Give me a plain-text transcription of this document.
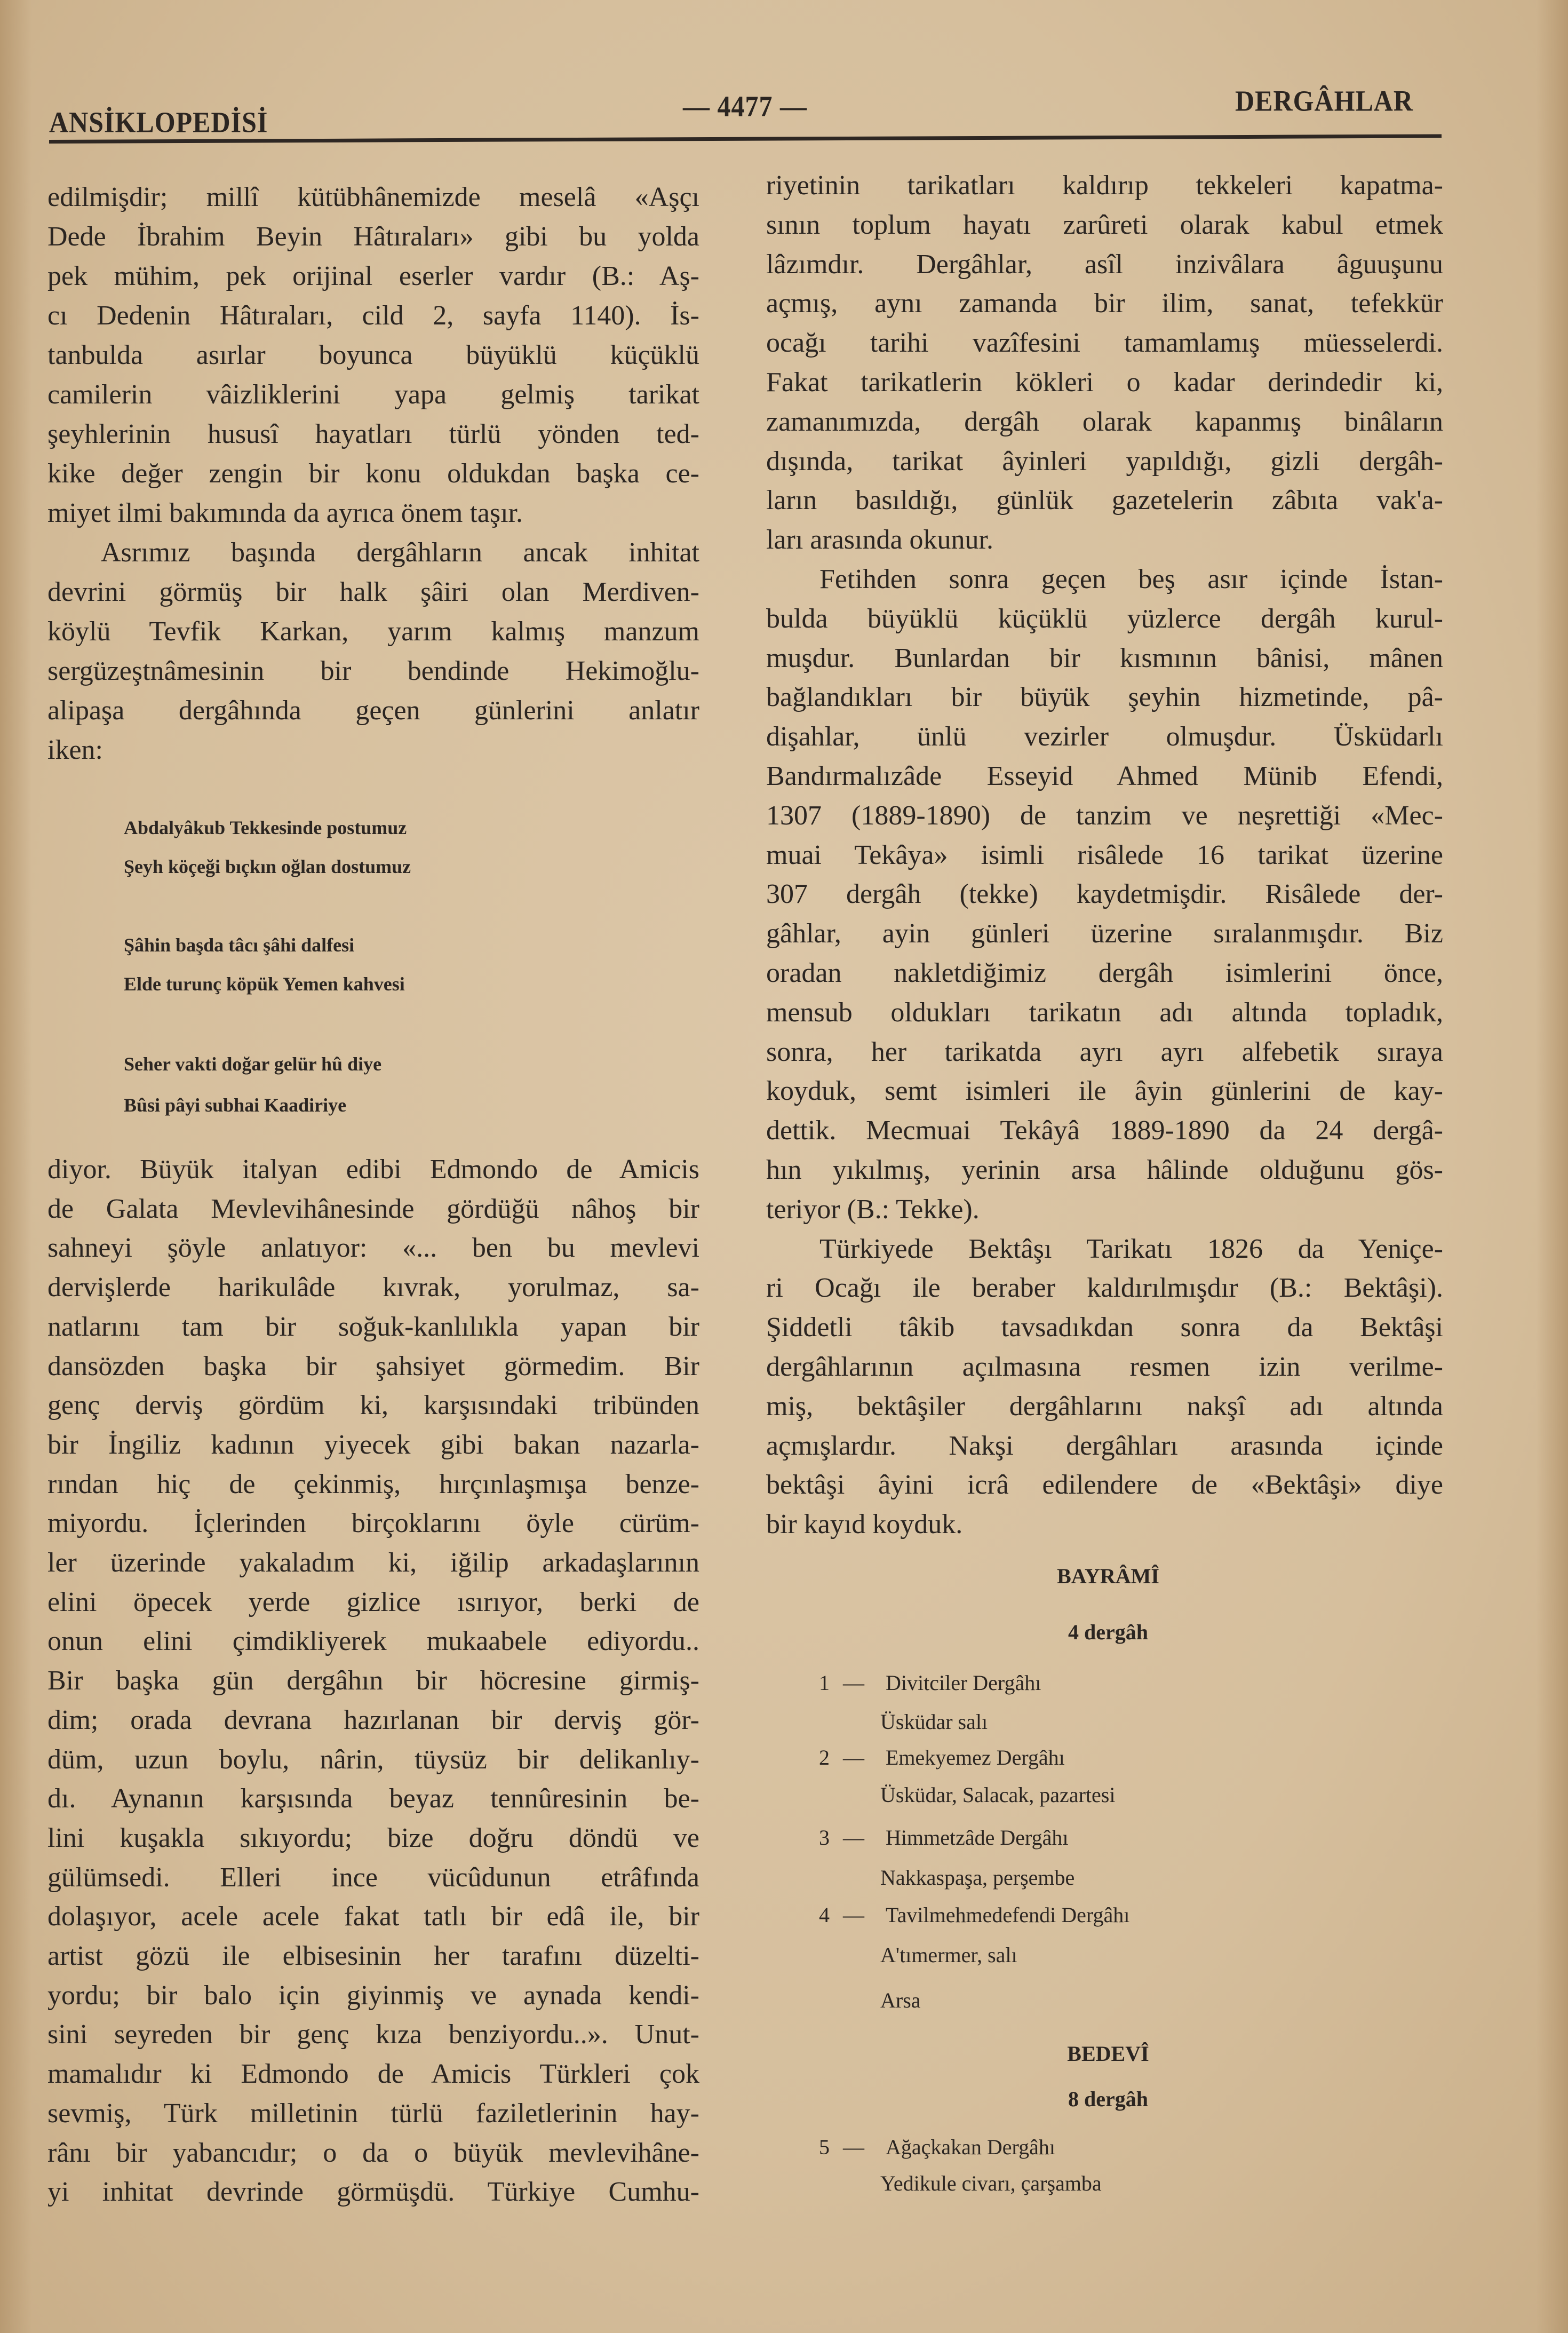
ANSİKLOPEDİSİ	— 4477 —	DERGÂHLAR
edilmişdir; millî kütübhânemizde meselâ «Aşçı
Dede İbrahim Beyin Hâtıraları» gibi bu yolda
pek mühim, pek orijinal eserler vardır (B.: Aş-
cı Dedenin Hâtıraları, cild 2, sayfa 1140). İs-
tanbulda asırlar boyunca büyüklü küçüklü
camilerin vâizliklerini yapa gelmiş tarikat
şeyhlerinin hususî hayatları türlü yönden ted-
kike değer zengin bir konu oldukdan başka ce-
miyet ilmi bakımında da ayrıca önem taşır.
Asrımız başında dergâhların ancak inhitat
devrini görmüş bir halk şâiri olan Merdiven-
köylü Tevfik Karkan, yarım kalmış manzum
sergüzeştnâmesinin bir bendinde Hekimoğlu-
alipaşa dergâhında geçen günlerini anlatır
iken:
Abdalyâkub Tekkesinde postumuz
Şeyh köçeği bıçkın oğlan dostumuz
Şâhin başda tâcı şâhi dalfesi
Elde turunç köpük Yemen kahvesi
Seher vakti doğar gelür hû diye
Bûsi pâyi subhai Kaadiriye
diyor. Büyük italyan edibi Edmondo de Amicis
de Galata Mevlevihânesinde gördüğü nâhoş bir
sahneyi şöyle anlatıyor: «... ben bu mevlevi
dervişlerde harikulâde kıvrak, yorulmaz, sa-
natlarını tam bir soğuk-kanlılıkla yapan bir
dansözden başka bir şahsiyet görmedim. Bir
genç derviş gördüm ki, karşısındaki tribünden
bir İngiliz kadının yiyecek gibi bakan nazarla-
rından hiç de çekinmiş, hırçınlaşmışa benze-
miyordu. İçlerinden birçoklarını öyle cürüm-
ler üzerinde yakaladım ki, iğilip arkadaşlarının
elini öpecek yerde gizlice ısırıyor, berki de
onun elini çimdikliyerek mukaabele ediyordu..
Bir başka gün dergâhın bir höcresine girmiş-
dim; orada devrana hazırlanan bir derviş gör-
düm, uzun boylu, nârin, tüysüz bir delikanlıy-
dı. Aynanın karşısında beyaz tennûresinin be-
lini kuşakla sıkıyordu; bize doğru döndü ve
gülümsedi. Elleri ince vücûdunun etrâfında
dolaşıyor, acele acele fakat tatlı bir edâ ile, bir
artist gözü ile elbisesinin her tarafını düzelti-
yordu; bir balo için giyinmiş ve aynada kendi-
sini seyreden bir genç kıza benziyordu..». Unut-
mamalıdır ki Edmondo de Amicis Türkleri çok
sevmiş, Türk milletinin türlü faziletlerinin hay-
rânı bir yabancıdır; o da o büyük mevlevihâne-
yi inhitat devrinde görmüşdü. Türkiye Cumhu-
riyetinin tarikatları kaldırıp tekkeleri kapatma-
sının toplum hayatı zarûreti olarak kabul etmek
lâzımdır. Dergâhlar, asîl inzivâlara âguuşunu
açmış, aynı zamanda bir ilim, sanat, tefekkür
ocağı tarihi vazîfesini tamamlamış müesselerdi.
Fakat tarikatlerin kökleri o kadar derindedir ki,
zamanımızda, dergâh olarak kapanmış binâların
dışında, tarikat âyinleri yapıldığı, gizli dergâh-
ların basıldığı, günlük gazetelerin zâbıta vak'a-
ları arasında okunur.
Fetihden sonra geçen beş asır içinde İstan-
bulda büyüklü küçüklü yüzlerce dergâh kurul-
muşdur. Bunlardan bir kısmının bânisi, mânen
bağlandıkları bir büyük şeyhin hizmetinde, pâ-
dişahlar, ünlü vezirler olmuşdur. Üsküdarlı
Bandırmalızâde Esseyid Ahmed Münib Efendi,
1307 (1889-1890) de tanzim ve neşrettiği «Mec-
muai Tekâya» isimli risâlede 16 tarikat üzerine
307 dergâh (tekke) kaydetmişdir. Risâlede der-
gâhlar, ayin günleri üzerine sıralanmışdır. Biz
oradan nakletdiğimiz dergâh isimlerini önce,
mensub oldukları tarikatın adı altında topladık,
sonra, her tarikatda ayrı ayrı alfebetik sıraya
koyduk, semt isimleri ile âyin günlerini de kay-
dettik. Mecmuai Tekâyâ 1889-1890 da 24 dergâ-
hın yıkılmış, yerinin arsa hâlinde olduğunu gös-
teriyor (B.: Tekke).
Türkiyede Bektâşı Tarikatı 1826 da Yeniçe-
ri Ocağı ile beraber kaldırılmışdır (B.: Bektâşi).
Şiddetli tâkib tavsadıkdan sonra da Bektâşi
dergâhlarının açılmasına resmen izin verilme-
miş, bektâşiler dergâhlarını nakşî adı altında
açmışlardır. Nakşi dergâhları arasında içinde
bektâşi âyini icrâ edilendere de «Bektâşi» diye
bir kayıd koyduk.
BAYRÂMÎ
4 dergâh
1 — Divitciler Dergâhı
Üsküdar salı
2 — Emekyemez Dergâhı
Üsküdar, Salacak, pazartesi
3 — Himmetzâde Dergâhı
Nakkaspaşa, perşembe
4 — Tavilmehmedefendi Dergâhı
A'tımermer, salı
Arsa
BEDEVÎ
8 dergâh
5 — Ağaçkakan Dergâhı
Yedikule civarı, çarşamba
